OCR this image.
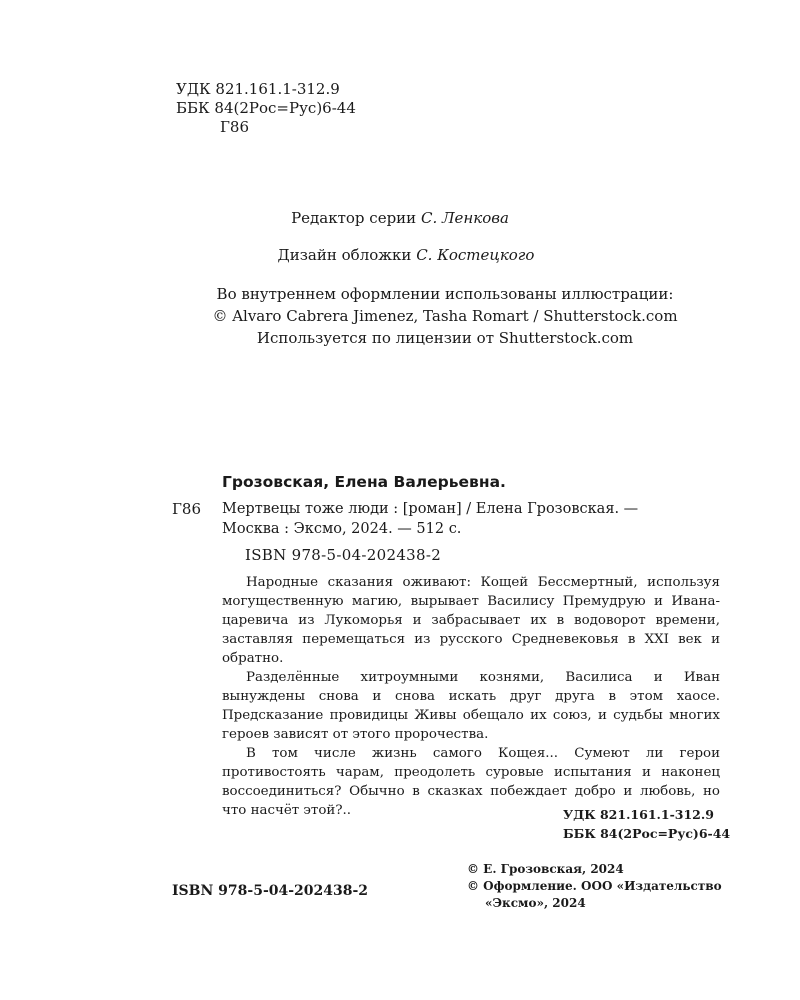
УДК 821.161.1-312.9
ББК 84(2Рос=Рус)6-44
Г86
Редактор серии С. Ленкова
Дизайн обложки С. Костецкого
Во внутреннем оформлении использованы иллюстрации:
© Alvaro Cabrera Jimenez, Tasha Romart / Shutterstock.com
Используется по лицензии от Shutterstock.com
Грозовская, Елена Валерьевна.
Г86 Мертвецы тоже люди : [роман] / Елена Грозовская. —
Москва : Эксмо, 2024. — 512 с.
ISBN 978-5-04-202438-2

Народные сказания оживают: Кощей Бессмертный, используя могущественную магию, вырывает Василису Премудрую и Ивана-царевича из Лукоморья и забрасывает их в водоворот времени, заставляя перемещаться из русского Средневековья в XXI век и обратно.

Разделённые хитроумными кознями, Василиса и Иван вынуждены снова и снова искать друг друга в этом хаосе. Предсказание провидицы Живы обещало их союз, и судьбы многих героев зависят от этого пророчества.

В том числе жизнь самого Кощея... Сумеют ли герои противостоять чарам, преодолеть суровые испытания и наконец воссоединиться? Обычно в сказках побеждает добро и любовь, но что насчёт этой?..	УДК 821.161.1-312.9
ББК 84(2Рос=Рус)6-44
© Е. Грозовская, 2024
© Оформление. ООО «Издательство
«Эксмо», 2024
ISBN 978-5-04-202438-2
